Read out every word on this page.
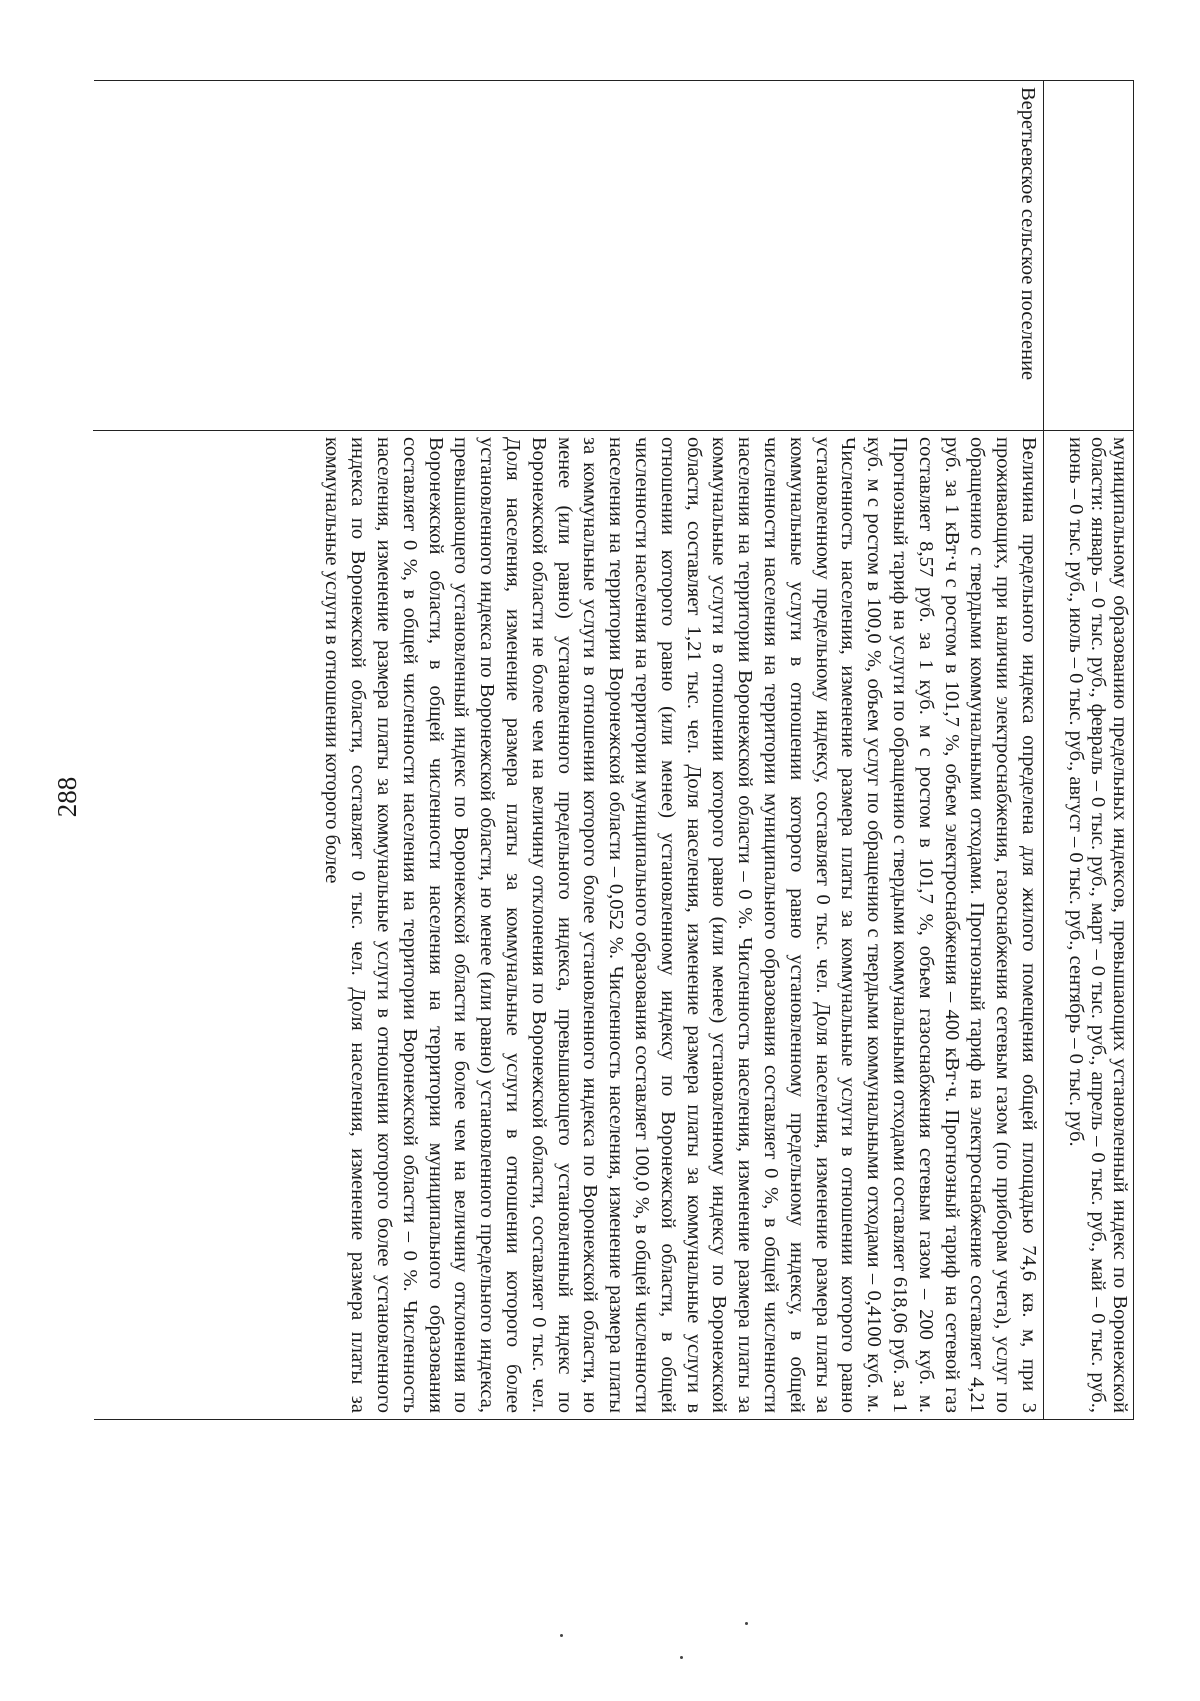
288	муниципальному образованию предельных индексов, превышающих установленный индекс по Воронежской области: январь – 0 тыс. руб., февраль – 0 тыс. руб., март – 0 тыс. руб., апрель – 0 тыс. руб., май – 0 тыс. руб., июнь – 0 тыс. руб., июль – 0 тыс. руб., август – 0 тыс. руб., сентябрь – 0 тыс. руб.
Веретьевское сельское поселение
Величина предельного индекса определена для жилого помещения общей площадью 74,6 кв. м, при 3 проживающих, при наличии электроснабжения, газоснабжения сетевым газом (по приборам учета), услуг по обращению с твердыми коммунальными отходами. Прогнозный тариф на электроснабжение составляет 4,21 руб. за 1 кВт·ч с ростом в 101,7 %, объем электроснабжения – 400 кВт·ч. Прогнозный тариф на сетевой газ составляет 8,57 руб. за 1 куб. м с ростом в 101,7 %, объем газоснабжения сетевым газом – 200 куб. м. Прогнозный тариф на услуги по обращению с твердыми коммунальными отходами составляет 618,06 руб. за 1 куб. м с ростом в 100,0 %, объем услуг по обращению с твердыми коммунальными отходами – 0,4100 куб. м. Численность населения, изменение размера платы за коммунальные услуги в отношении которого равно установленному предельному индексу, составляет 0 тыс. чел. Доля населения, изменение размера платы за коммунальные услуги в отношении которого равно установленному предельному индексу, в общей численности населения на территории муниципального образования составляет 0 %, в общей численности населения на территории Воронежской области – 0 %. Численность населения, изменение размера платы за коммунальные услуги в отношении которого равно (или менее) установленному индексу по Воронежской области, составляет 1,21 тыс. чел. Доля населения, изменение размера платы за коммунальные услуги в отношении которого равно (или менее) установленному индексу по Воронежской области, в общей численности населения на территории муниципального образования составляет 100,0 %, в общей численности населения на территории Воронежской области – 0,052 %. Численность населения, изменение размера платы за коммунальные услуги в отношении которого более установленного индекса по Воронежской области, но менее (или равно) установленного предельного индекса, превышающего установленный индекс по Воронежской области не более чем на величину отклонения по Воронежской области, составляет 0 тыс. чел. Доля населения, изменение размера платы за коммунальные услуги в отношении которого более установленного индекса по Воронежской области, но менее (или равно) установленного предельного индекса, превышающего установленный индекс по Воронежской области не более чем на величину отклонения по Воронежской области, в общей численности населения на территории муниципального образования составляет 0 %, в общей численности населения на территории Воронежской области – 0 %. Численность населения, изменение размера платы за коммунальные услуги в отношении которого более установленного индекса по Воронежской области, составляет 0 тыс. чел. Доля населения, изменение размера платы за коммунальные услуги в отношении которого более
